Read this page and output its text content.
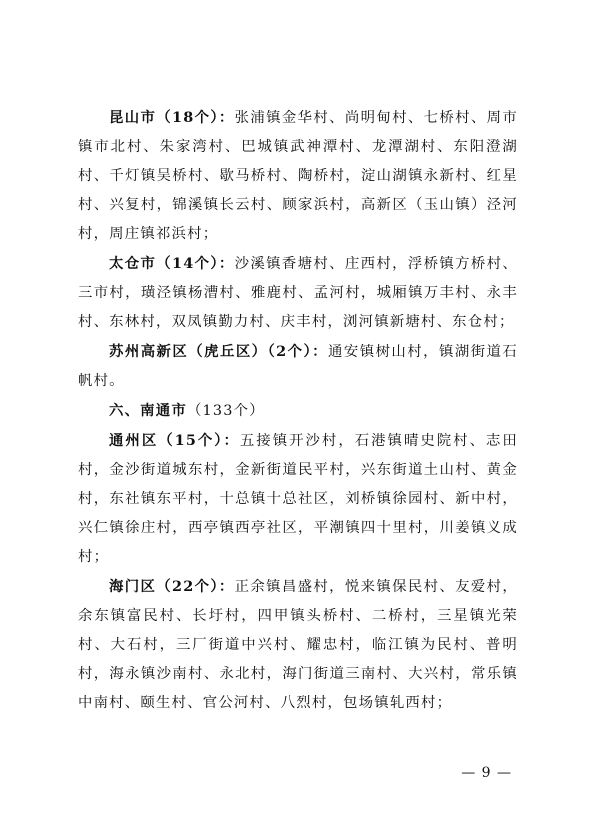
昆山市（18个）：张浦镇金华村、尚明甸村、七桥村、周市镇市北村、朱家湾村、巴城镇武神潭村、龙潭湖村、东阳澄湖村、千灯镇吴桥村、歇马桥村、陶桥村，淀山湖镇永新村、红星村、兴复村，锦溪镇长云村、顾家浜村，高新区（玉山镇）泾河村，周庄镇祁浜村；

太仓市（14个）：沙溪镇香塘村、庄西村，浮桥镇方桥村、三市村，璜泾镇杨漕村、雅鹿村、孟河村，城厢镇万丰村、永丰村、东林村，双凤镇勤力村、庆丰村，浏河镇新塘村、东仓村；

苏州高新区（虎丘区）（2个）：通安镇树山村，镇湖街道石帆村。

六、南通市（133个）

通州区（15个）：五接镇开沙村，石港镇晴史院村、志田村，金沙街道城东村，金新街道民平村，兴东街道土山村、黄金村，东社镇东平村，十总镇十总社区，刘桥镇徐园村、新中村，兴仁镇徐庄村，西亭镇西亭社区，平潮镇四十里村，川姜镇义成村；

海门区（22个）：正余镇昌盛村，悦来镇保民村、友爱村，余东镇富民村、长圩村，四甲镇头桥村、二桥村，三星镇光荣村、大石村，三厂街道中兴村、耀忠村，临江镇为民村、普明村，海永镇沙南村、永北村，海门街道三南村、大兴村，常乐镇中南村、颐生村、官公河村、八烈村，包场镇轧西村；

— 9 —
